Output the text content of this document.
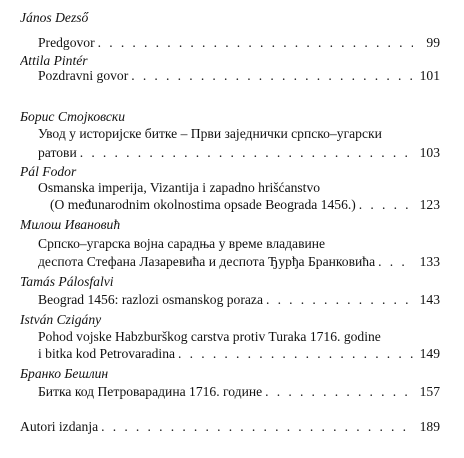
János Dezső
Predgovor . . .	99
Attila Pintér
Pozdravni govor . . .	101
Борис Стојковски
Увод у историјске битке – Први заједнички српско–угарски
ратови . . .	103
Pál Fodor
Osmanska imperija, Vizantija i zapadno hrišćanstvo
(O međunarodnim okolnostima opsade Beograda 1456.) . . .	123
Милош Ивановић
Српско–угарска војна сарадња у време владавине
деспота Стефана Лазаревића и деспота Ђурђа Бранковића . . .	133
Tamás Pálosfalvi
Beograd 1456: razlozi osmanskog poraza . . .	143
István Czigány
Pohod vojske Habzburškog carstva protiv Turaka 1716. godine
i bitka kod Petrovaradina . . .	149
Бранко Бешлин
Битка код Петроварадина 1716. године . . .	157
Autori izdanja . . .	189
